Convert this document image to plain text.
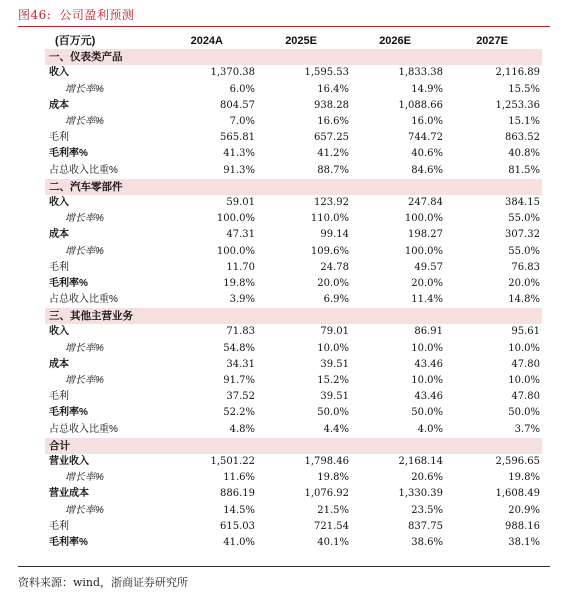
图46: 公司盈利预测
(百万元)	2024A	2025E	2026E	2027E
一、仪表类产品				
收入	1,370.38	1,595.53	1,833.38	2,116.89
增长率%	6.0%	16.4%	14.9%	15.5%
成本	804.57	938.28	1,088.66	1,253.36
增长率%	7.0%	16.6%	16.0%	15.1%
毛利	565.81	657.25	744.72	863.52
毛利率%	41.3%	41.2%	40.6%	40.8%
占总收入比重%	91.3%	88.7%	84.6%	81.5%
二、汽车零部件				
收入	59.01	123.92	247.84	384.15
增长率%	100.0%	110.0%	100.0%	55.0%
成本	47.31	99.14	198.27	307.32
增长率%	100.0%	109.6%	100.0%	55.0%
毛利	11.70	24.78	49.57	76.83
毛利率%	19.8%	20.0%	20.0%	20.0%
占总收入比重%	3.9%	6.9%	11.4%	14.8%
三、其他主营业务				
收入	71.83	79.01	86.91	95.61
增长率%	54.8%	10.0%	10.0%	10.0%
成本	34.31	39.51	43.46	47.80
增长率%	91.7%	15.2%	10.0%	10.0%
毛利	37.52	39.51	43.46	47.80
毛利率%	52.2%	50.0%	50.0%	50.0%
占总收入比重%	4.8%	4.4%	4.0%	3.7%
合计				
营业收入	1,501.22	1,798.46	2,168.14	2,596.65
增长率%	11.6%	19.8%	20.6%	19.8%
营业成本	886.19	1,076.92	1,330.39	1,608.49
增长率%	14.5%	21.5%	23.5%	20.9%
毛利	615.03	721.54	837.75	988.16
毛利率%	41.0%	40.1%	38.6%	38.1%
资料来源：wind，浙商证券研究所
